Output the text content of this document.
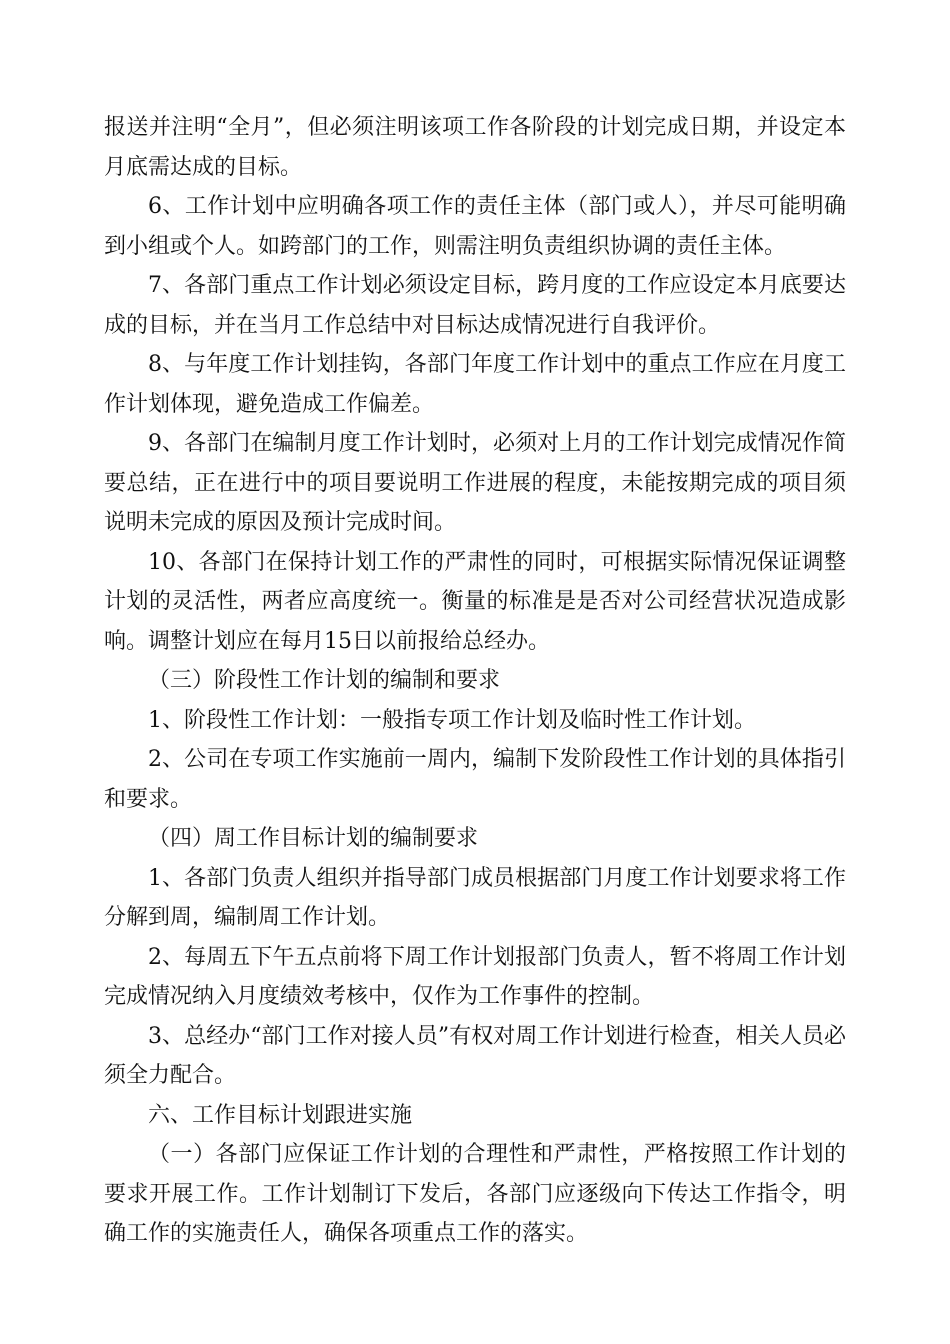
报送并注明“全月”，但必须注明该项工作各阶段的计划完成日期，并设定本月底需达成的目标。

6、工作计划中应明确各项工作的责任主体（部门或人），并尽可能明确到小组或个人。如跨部门的工作，则需注明负责组织协调的责任主体。

7、各部门重点工作计划必须设定目标，跨月度的工作应设定本月底要达成的目标，并在当月工作总结中对目标达成情况进行自我评价。

8、与年度工作计划挂钩，各部门年度工作计划中的重点工作应在月度工作计划体现，避免造成工作偏差。

9、各部门在编制月度工作计划时，必须对上月的工作计划完成情况作简要总结，正在进行中的项目要说明工作进展的程度，未能按期完成的项目须说明未完成的原因及预计完成时间。

10、各部门在保持计划工作的严肃性的同时，可根据实际情况保证调整计划的灵活性，两者应高度统一。衡量的标准是是否对公司经营状况造成影响。调整计划应在每月15日以前报给总经办。

（三）阶段性工作计划的编制和要求

1、阶段性工作计划：一般指专项工作计划及临时性工作计划。

2、公司在专项工作实施前一周内，编制下发阶段性工作计划的具体指引和要求。

（四）周工作目标计划的编制要求

1、各部门负责人组织并指导部门成员根据部门月度工作计划要求将工作分解到周，编制周工作计划。

2、每周五下午五点前将下周工作计划报部门负责人，暂不将周工作计划完成情况纳入月度绩效考核中，仅作为工作事件的控制。

3、总经办“部门工作对接人员”有权对周工作计划进行检查，相关人员必须全力配合。

六、工作目标计划跟进实施

（一）各部门应保证工作计划的合理性和严肃性，严格按照工作计划的要求开展工作。工作计划制订下发后，各部门应逐级向下传达工作指令，明确工作的实施责任人，确保各项重点工作的落实。
